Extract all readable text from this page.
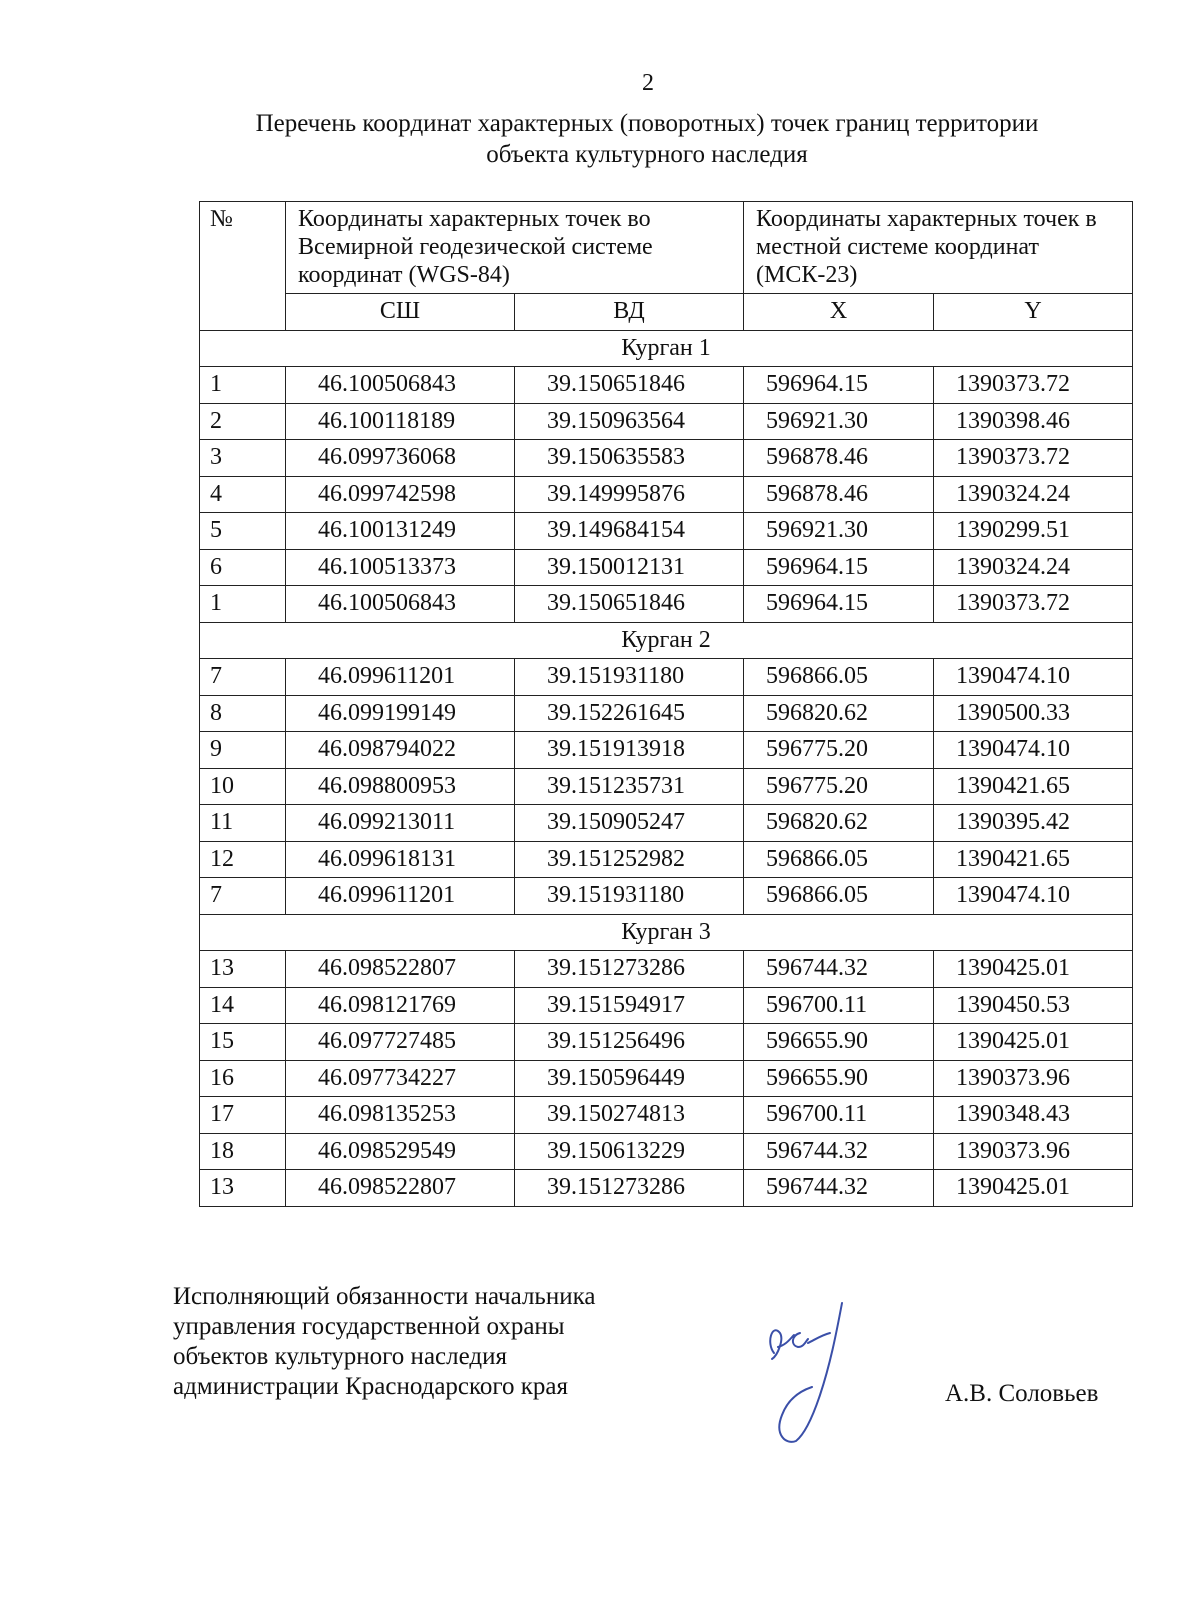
2
Перечень координат характерных (поворотных) точек границ территории
объекта культурного наследия
№	Координаты характерных точек во Всемирной геодезической системе координат (WGS-84)		Координаты характерных точек в местной системе координат (МСК-23)	
	СШ	ВД	X	Y
Курган 1				
1	46.100506843	39.150651846	596964.15	1390373.72
2	46.100118189	39.150963564	596921.30	1390398.46
3	46.099736068	39.150635583	596878.46	1390373.72
4	46.099742598	39.149995876	596878.46	1390324.24
5	46.100131249	39.149684154	596921.30	1390299.51
6	46.100513373	39.150012131	596964.15	1390324.24
1	46.100506843	39.150651846	596964.15	1390373.72
Курган 2				
7	46.099611201	39.151931180	596866.05	1390474.10
8	46.099199149	39.152261645	596820.62	1390500.33
9	46.098794022	39.151913918	596775.20	1390474.10
10	46.098800953	39.151235731	596775.20	1390421.65
11	46.099213011	39.150905247	596820.62	1390395.42
12	46.099618131	39.151252982	596866.05	1390421.65
7	46.099611201	39.151931180	596866.05	1390474.10
Курган 3				
13	46.098522807	39.151273286	596744.32	1390425.01
14	46.098121769	39.151594917	596700.11	1390450.53
15	46.097727485	39.151256496	596655.90	1390425.01
16	46.097734227	39.150596449	596655.90	1390373.96
17	46.098135253	39.150274813	596700.11	1390348.43
18	46.098529549	39.150613229	596744.32	1390373.96
13	46.098522807	39.151273286	596744.32	1390425.01
Исполняющий обязанности начальника
управления государственной охраны
объектов культурного наследия
администрации Краснодарского края	А.В. Соловьев
